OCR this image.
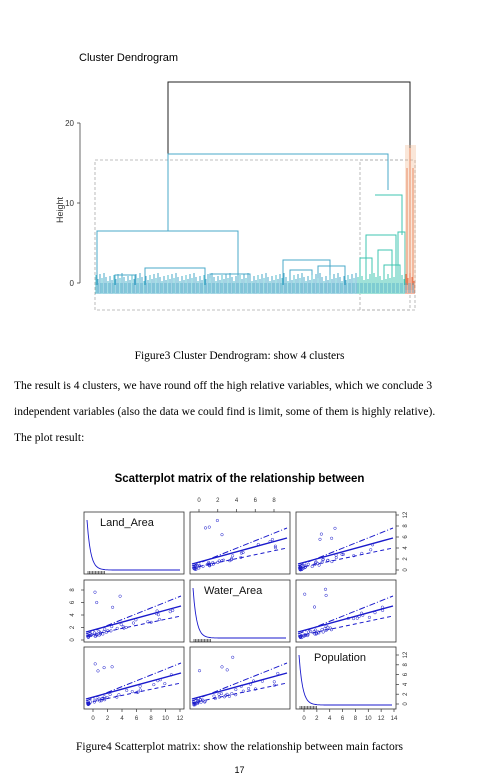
Cluster Dendrogram
20
10
0
Height
Figure3 Cluster Dendrogram: show 4 clusters
The result is 4 clusters, we have round off the high relative variables, which we conclude 3
independent variables (also the data we could find is limit, some of them is highly relative).
The plot result:
Scatterplot matrix of the relationship between
Land_Area
Water_Area
Population
0	2	4	6	8
0 2 4 6 8 10 12	0 2 4 6 8 10 12 14
0
2
4
6
8
0
2
4
6
8
12
0
2
4
6
8
12
Figure4 Scatterplot matrix: show the relationship between main factors
17
